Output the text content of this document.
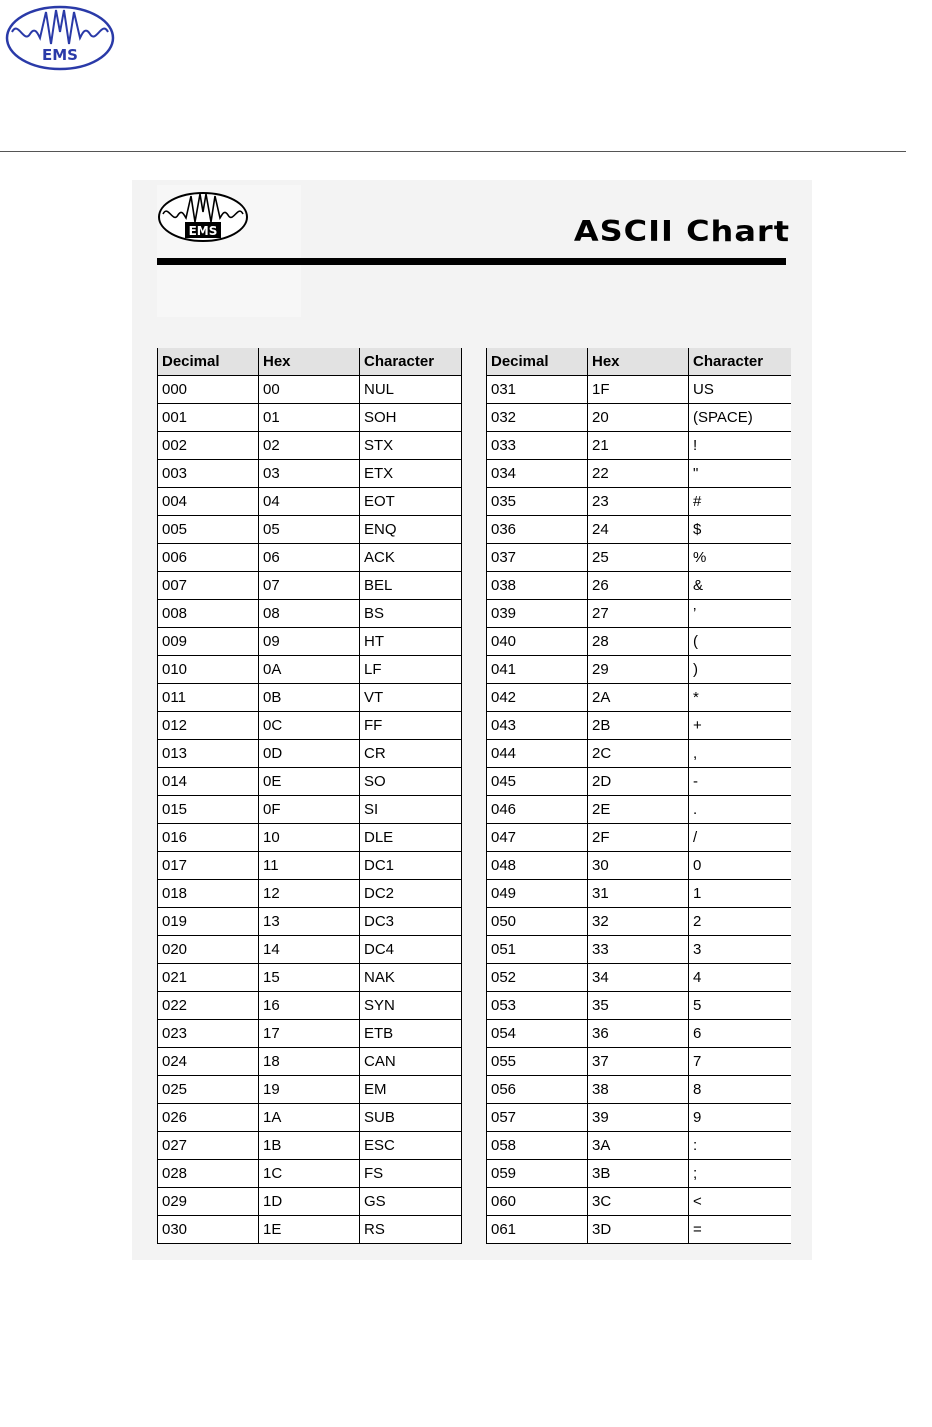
EMS
EMS	ASCII Chart
Decimal	Hex	Character
000	00	NUL
001	01	SOH
002	02	STX
003	03	ETX
004	04	EOT
005	05	ENQ
006	06	ACK
007	07	BEL
008	08	BS
009	09	HT
010	0A	LF
011	0B	VT
012	0C	FF
013	0D	CR
014	0E	SO
015	0F	SI
016	10	DLE
017	11	DC1
018	12	DC2
019	13	DC3
020	14	DC4
021	15	NAK
022	16	SYN
023	17	ETB
024	18	CAN
025	19	EM
026	1A	SUB
027	1B	ESC
028	1C	FS
029	1D	GS
030	1E	RS
Decimal	Hex	Character
031	1F	US
032	20	(SPACE)
033	21	!
034	22	"
035	23	#
036	24	$
037	25	%
038	26	&
039	27	’
040	28	(
041	29	)
042	2A	*
043	2B	+
044	2C	,
045	2D	-
046	2E	.
047	2F	/
048	30	0
049	31	1
050	32	2
051	33	3
052	34	4
053	35	5
054	36	6
055	37	7
056	38	8
057	39	9
058	3A	:
059	3B	;
060	3C	<
061	3D	=
